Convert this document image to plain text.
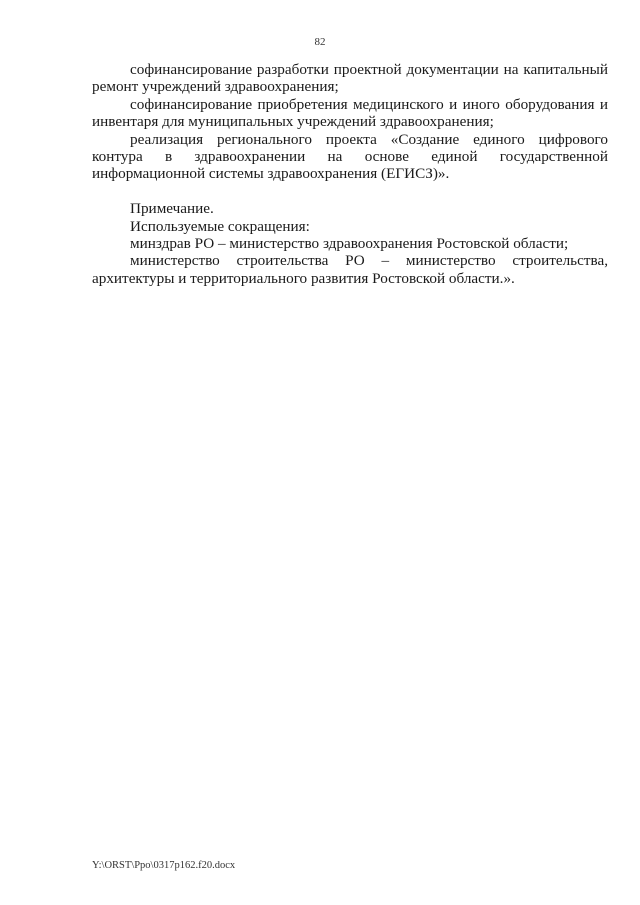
82

софинансирование разработки проектной документации на капитальный ремонт учреждений здравоохранения;

софинансирование приобретения медицинского и иного оборудования и инвентаря для муниципальных учреждений здравоохранения;

реализация регионального проекта «Создание единого цифрового контура в здравоохранении на основе единой государственной информационной системы здравоохранения (ЕГИСЗ)».

Примечание.

Используемые сокращения:

минздрав РО – министерство здравоохранения Ростовской области;

министерство строительства РО – министерство строительства, архитектуры и территориального развития Ростовской области.».

Y:\ORST\Ppo\0317p162.f20.docx
